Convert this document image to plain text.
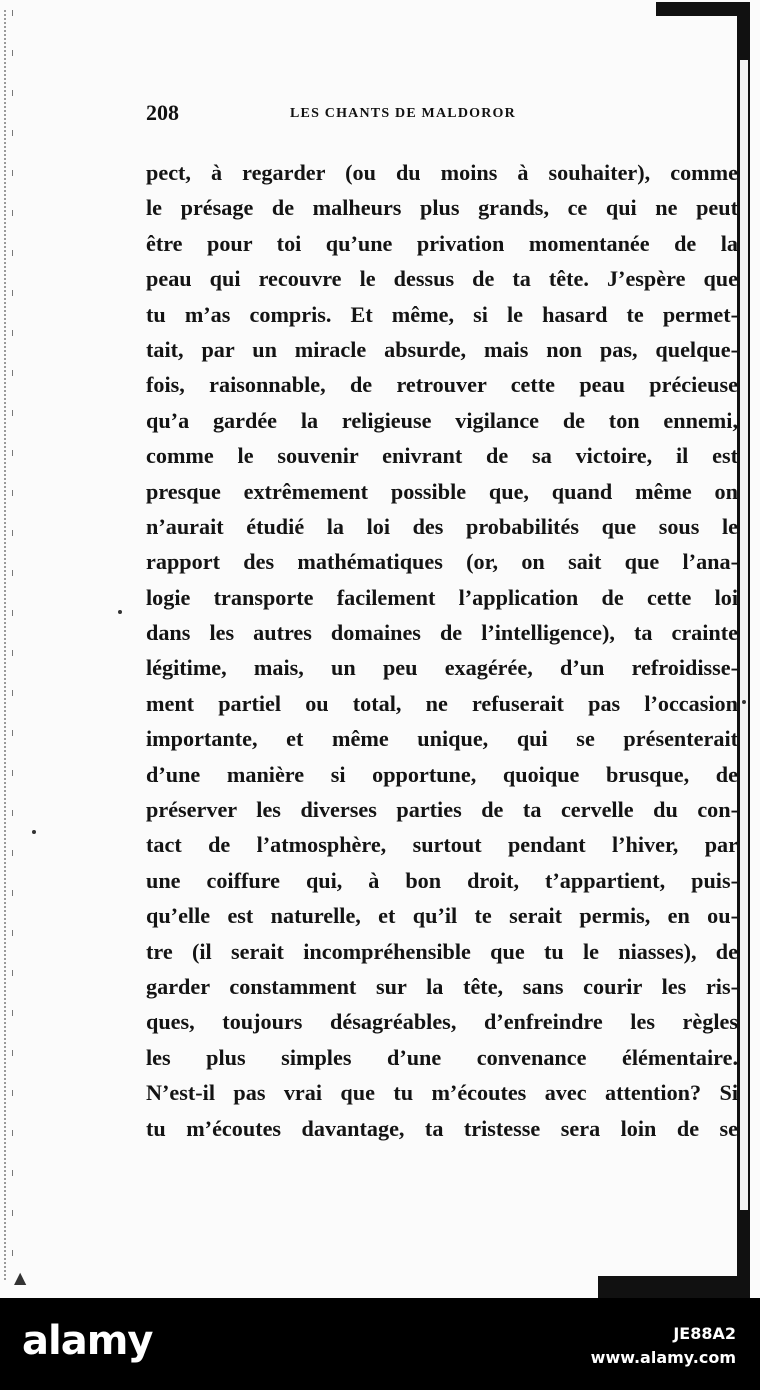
▲
208	LES CHANTS DE MALDOROR
pect, à regarder (ou du moins à souhaiter), comme
le présage de malheurs plus grands, ce qui ne peut
être pour toi qu’une privation momentanée de la
peau qui recouvre le dessus de ta tête. J’espère que
tu m’as compris. Et même, si le hasard te permet-
tait, par un miracle absurde, mais non pas, quelque-
fois, raisonnable, de retrouver cette peau précieuse
qu’a gardée la religieuse vigilance de ton ennemi,
comme le souvenir enivrant de sa victoire, il est
presque extrêmement possible que, quand même on
n’aurait étudié la loi des probabilités que sous le
rapport des mathématiques (or, on sait que l’ana-
logie transporte facilement l’application de cette loi
dans les autres domaines de l’intelligence), ta crainte
légitime, mais, un peu exagérée, d’un refroidisse-
ment partiel ou total, ne refuserait pas l’occasion
importante, et même unique, qui se présenterait
d’une manière si opportune, quoique brusque, de
préserver les diverses parties de ta cervelle du con-
tact de l’atmosphère, surtout pendant l’hiver, par
une coiffure qui, à bon droit, t’appartient, puis-
qu’elle est naturelle, et qu’il te serait permis, en ou-
tre (il serait incompréhensible que tu le niasses), de
garder constamment sur la tête, sans courir les ris-
ques, toujours désagréables, d’enfreindre les règles
les plus simples d’une convenance élémentaire.
N’est-il pas vrai que tu m’écoutes avec attention? Si
tu m’écoutes davantage, ta tristesse sera loin de se
alamy	JE88A2
www.alamy.com
